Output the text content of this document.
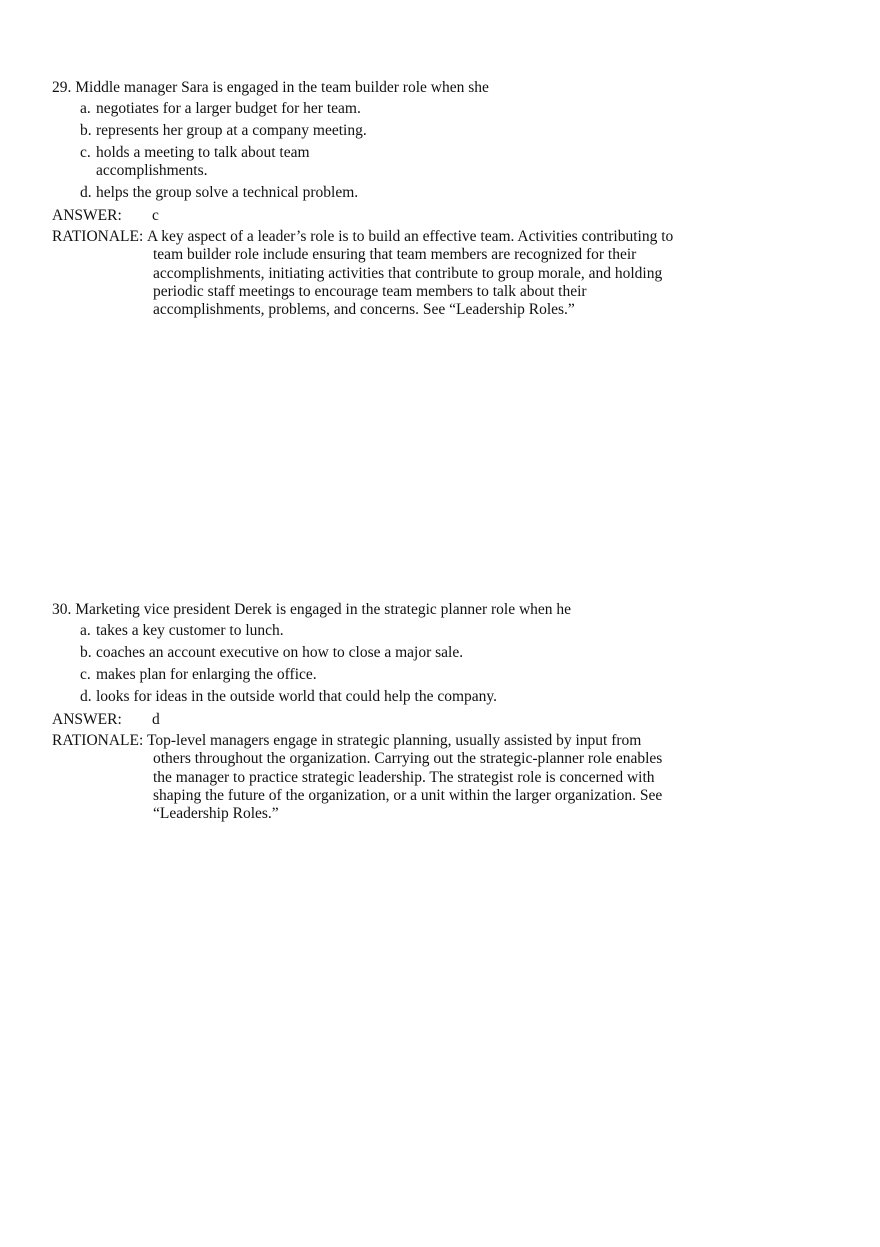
29. Middle manager Sara is engaged in the team builder role when she
a. negotiates for a larger budget for her team.
b. represents her group at a company meeting.
c. holds a meeting to talk about team accomplishments.
d. helps the group solve a technical problem.
ANSWER:	c
RATIONALE: A key aspect of a leader’s role is to build an effective team. Activities contributing to team builder role include ensuring that team members are recognized for their accomplishments, initiating activities that contribute to group morale, and holding periodic staff meetings to encourage team members to talk about their accomplishments, problems, and concerns. See “Leadership Roles.”
30. Marketing vice president Derek is engaged in the strategic planner role when he
a. takes a key customer to lunch.
b. coaches an account executive on how to close a major sale.
c. makes plan for enlarging the office.
d. looks for ideas in the outside world that could help the company.
ANSWER:	d
RATIONALE: Top-level managers engage in strategic planning, usually assisted by input from others throughout the organization. Carrying out the strategic-planner role enables the manager to practice strategic leadership. The strategist role is concerned with shaping the future of the organization, or a unit within the larger organization. See “Leadership Roles.”
